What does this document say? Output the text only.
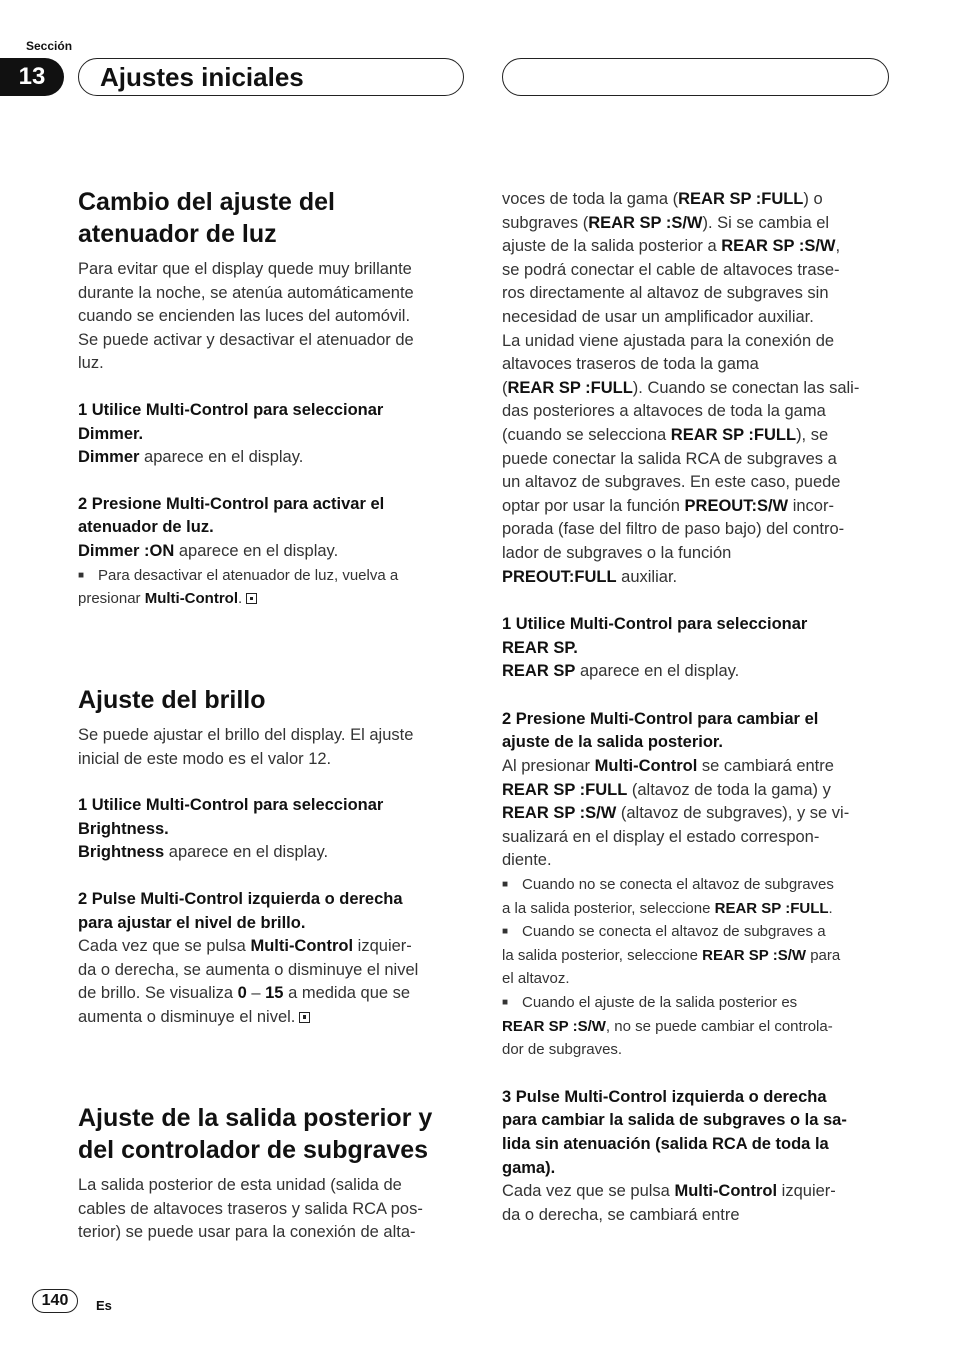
Sección
13	Ajustes iniciales
Cambio del ajuste del
atenuador de luz
Para evitar que el display quede muy brillante
durante la noche, se atenúa automáticamente
cuando se encienden las luces del automóvil.
Se puede activar y desactivar el atenuador de
luz.
1 Utilice Multi-Control para seleccionar
Dimmer.
Dimmer aparece en el display.
2 Presione Multi-Control para activar el
atenuador de luz.
Dimmer :ON aparece en el display.
■ Para desactivar el atenuador de luz, vuelva a
presionar Multi-Control.
Ajuste del brillo
Se puede ajustar el brillo del display. El ajuste
inicial de este modo es el valor 12.
1 Utilice Multi-Control para seleccionar
Brightness.
Brightness aparece en el display.
2 Pulse Multi-Control izquierda o derecha
para ajustar el nivel de brillo.
Cada vez que se pulsa Multi-Control izquier-
da o derecha, se aumenta o disminuye el nivel
de brillo. Se visualiza 0 – 15 a medida que se
aumenta o disminuye el nivel.
Ajuste de la salida posterior y
del controlador de subgraves
La salida posterior de esta unidad (salida de
cables de altavoces traseros y salida RCA pos-
terior) se puede usar para la conexión de alta-
voces de toda la gama (REAR SP :FULL) o
subgraves (REAR SP :S/W). Si se cambia el
ajuste de la salida posterior a REAR SP :S/W,
se podrá conectar el cable de altavoces trase-
ros directamente al altavoz de subgraves sin
necesidad de usar un amplificador auxiliar.
La unidad viene ajustada para la conexión de
altavoces traseros de toda la gama
(REAR SP :FULL). Cuando se conectan las sali-
das posteriores a altavoces de toda la gama
(cuando se selecciona REAR SP :FULL), se
puede conectar la salida RCA de subgraves a
un altavoz de subgraves. En este caso, puede
optar por usar la función PREOUT:S/W incor-
porada (fase del filtro de paso bajo) del contro-
lador de subgraves o la función
PREOUT:FULL auxiliar.
1 Utilice Multi-Control para seleccionar
REAR SP.
REAR SP aparece en el display.
2 Presione Multi-Control para cambiar el
ajuste de la salida posterior.
Al presionar Multi-Control se cambiará entre
REAR SP :FULL (altavoz de toda la gama) y
REAR SP :S/W (altavoz de subgraves), y se vi-
sualizará en el display el estado correspon-
diente.
■ Cuando no se conecta el altavoz de subgraves
a la salida posterior, seleccione REAR SP :FULL.
■ Cuando se conecta el altavoz de subgraves a
la salida posterior, seleccione REAR SP :S/W para
el altavoz.
■ Cuando el ajuste de la salida posterior es
REAR SP :S/W, no se puede cambiar el controla-
dor de subgraves.
3 Pulse Multi-Control izquierda o derecha
para cambiar la salida de subgraves o la sa-
lida sin atenuación (salida RCA de toda la
gama).
Cada vez que se pulsa Multi-Control izquier-
da o derecha, se cambiará entre
140	Es
